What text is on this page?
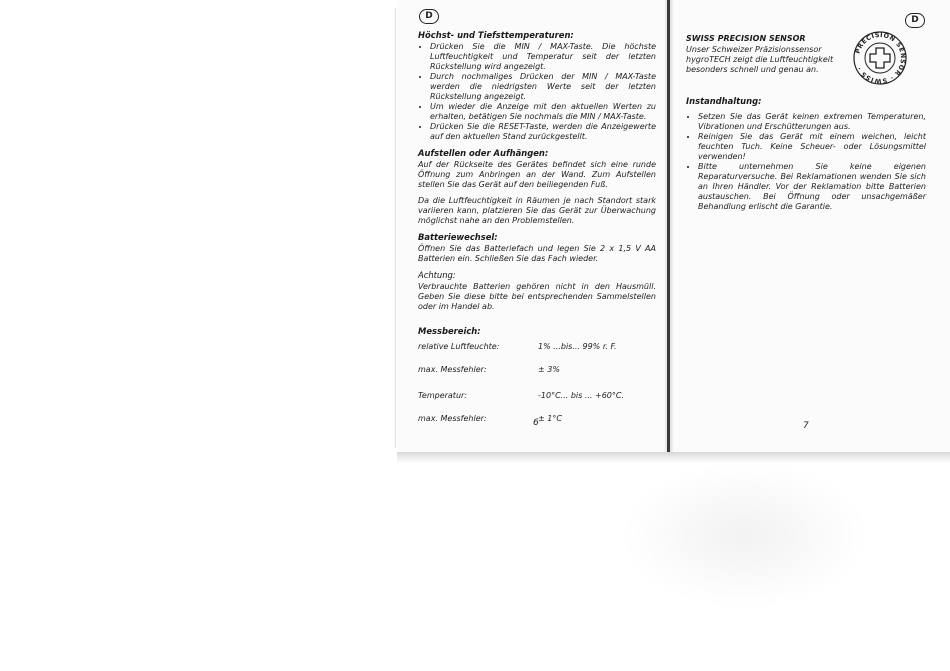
D
Höchst- und Tiefsttemperaturen:
• Drücken Sie die MIN / MAX-Taste. Die höchste Luftfeuchtigkeit und Temperatur seit der letzten Rückstellung wird angezeigt.
• Durch nochmaliges Drücken der MIN / MAX-Taste werden die niedrigsten Werte seit der letzten Rückstellung angezeigt.
• Um wieder die Anzeige mit den aktuellen Werten zu erhalten, betätigen Sie nochmals die MIN / MAX-Taste.
• Drücken Sie die RESET-Taste, werden die Anzeigewerte auf den aktuellen Stand zurückgestellt.
Aufstellen oder Aufhängen:

Auf der Rückseite des Gerätes befindet sich eine runde Öffnung zum Anbringen an der Wand. Zum Aufstellen stellen Sie das Gerät auf den beiliegenden Fuß.

Da die Luftfeuchtigkeit in Räumen je nach Standort stark variieren kann, platzieren Sie das Gerät zur Überwachung möglichst nahe an den Problemstellen.

Batteriewechsel:

Öffnen Sie das Batteriefach und legen Sie 2 x 1,5 V AA Batterien ein. Schließen Sie das Fach wieder.

Achtung:

Verbrauchte Batterien gehören nicht in den Hausmüll. Geben Sie diese bitte bei entsprechenden Sammelstellen oder im Handel ab.

Messbereich:
relative Luftfeuchte:	1% ...bis... 99% r. F.

max. Messfehler:	± 3%

Temperatur:	-10°C... bis ... +60°C.

max. Messfehler:	± 1°C
6
D
SWISS PRECISION SENSOR

Unser Schweizer Präzisionssensor hygroTECH zeigt die Luftfeuchtigkeit besonders schnell und genau an.

PRECISION SENSOR · SWISS ·
Instandhaltung:
• Setzen Sie das Gerät keinen extremen Temperaturen, Vibrationen und Erschütterungen aus.
• Reinigen Sie das Gerät mit einem weichen, leicht feuchten Tuch. Keine Scheuer- oder Lösungsmittel verwenden!
• Bitte unternehmen Sie keine eigenen Reparaturversuche. Bei Reklamationen wenden Sie sich an Ihren Händler. Vor der Reklamation bitte Batterien austauschen. Bei Öffnung oder unsachgemäßer Behandlung erlischt die Garantie.
7
